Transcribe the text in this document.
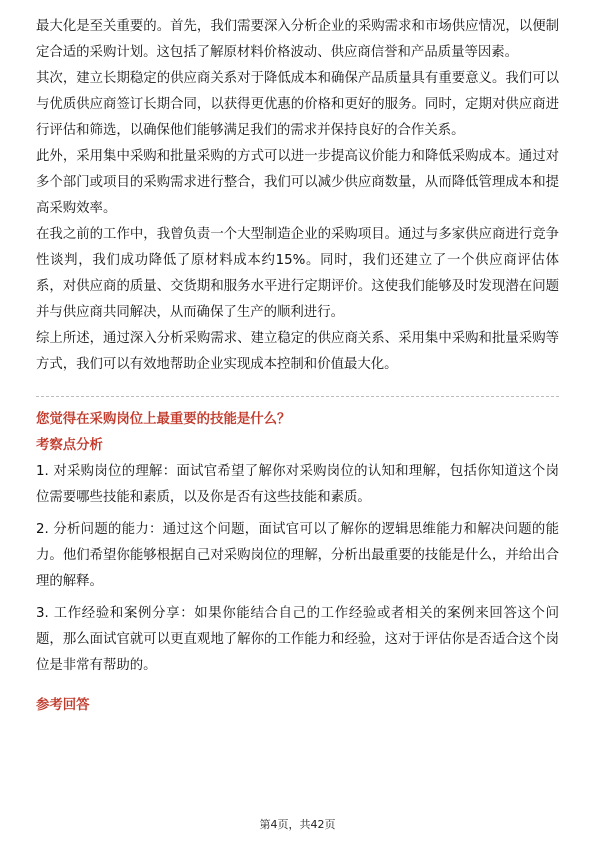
最大化是至关重要的。首先，我们需要深入分析企业的采购需求和市场供应情况，以便制定合适的采购计划。这包括了解原材料价格波动、供应商信誉和产品质量等因素。

其次，建立长期稳定的供应商关系对于降低成本和确保产品质量具有重要意义。我们可以与优质供应商签订长期合同，以获得更优惠的价格和更好的服务。同时，定期对供应商进行评估和筛选，以确保他们能够满足我们的需求并保持良好的合作关系。

此外，采用集中采购和批量采购的方式可以进一步提高议价能力和降低采购成本。通过对多个部门或项目的采购需求进行整合，我们可以减少供应商数量，从而降低管理成本和提高采购效率。

在我之前的工作中，我曾负责一个大型制造企业的采购项目。通过与多家供应商进行竞争性谈判，我们成功降低了原材料成本约15%。同时，我们还建立了一个供应商评估体系，对供应商的质量、交货期和服务水平进行定期评价。这使我们能够及时发现潜在问题并与供应商共同解决，从而确保了生产的顺利进行。

综上所述，通过深入分析采购需求、建立稳定的供应商关系、采用集中采购和批量采购等方式，我们可以有效地帮助企业实现成本控制和价值最大化。

您觉得在采购岗位上最重要的技能是什么？

考察点分析

1. 对采购岗位的理解：面试官希望了解你对采购岗位的认知和理解，包括你知道这个岗位需要哪些技能和素质，以及你是否有这些技能和素质。

2. 分析问题的能力：通过这个问题，面试官可以了解你的逻辑思维能力和解决问题的能力。他们希望你能够根据自己对采购岗位的理解，分析出最重要的技能是什么，并给出合理的解释。

3. 工作经验和案例分享：如果你能结合自己的工作经验或者相关的案例来回答这个问题，那么面试官就可以更直观地了解你的工作能力和经验，这对于评估你是否适合这个岗位是非常有帮助的。

参考回答

第4页，共42页
